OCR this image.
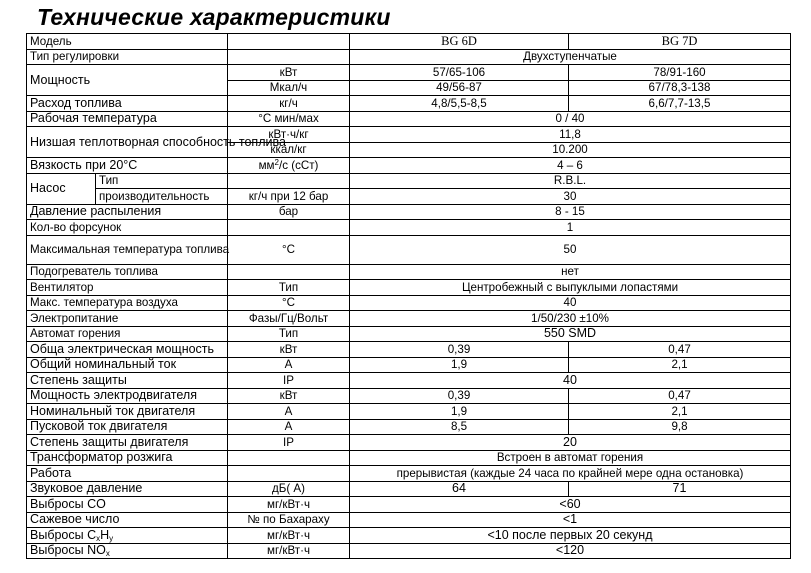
Технические характеристики
Модель			BG 6D	BG 7D
Тип регулировки			Двухступенчатые	
Мощность		кВт	57/65-106	78/91-160
		Мкал/ч	49/56-87	67/78,3-138
Расход топлива		кг/ч	4,8/5,5-8,5	6,6/7,7-13,5
Рабочая температура		°C мин/мах	0 / 40	
Низшая теплотворная способность топлива		кВт·ч/кг	11,8	
		ккал/кг	10.200	
Вязкость при 20°C		$мм^2/с$ (сСт)	4 – 6	
Насос	Тип		R.B.L.	
	производительность	кг/ч при 12 бар	30	
Давление распыления		бар	8 - 15	
Кол-во форсунок			1	
Максимальная температура топлива		°C	50	
Подогреватель топлива			нет	
Вентилятор		Тип	Центробежный с выпуклыми лопастями	
Макс. температура воздуха		°C	40	
Электропитание		Фазы/Гц/Вольт	1/50/230 ±10%	
Автомат горения		Тип	550 SMD	
Обща электрическая мощность		кВт	0,39	0,47
Общий номинальный ток		A	1,9	2,1
Степень защиты		IP	40	
Мощность электродвигателя		кВт	0,39	0,47
Номинальный ток двигателя		A	1,9	2,1
Пусковой ток двигателя		A	8,5	9,8
Степень защиты двигателя		IP	20	
Трансформатор розжига			Встроен в автомат горения	
Работа			прерывистая (каждые 24 часа по крайней мере одна остановка)	
Звуковое давление		дБ( A)	64	71
Выбросы CO		мг/кВт·ч	<60	
Сажевое число		№ по Бахараху	<1	
Выбросы $C_xH_y$		мг/кВт·ч	<10 после первых 20 секунд	
Выбросы $NO_x$		мг/кВт·ч	<120	
